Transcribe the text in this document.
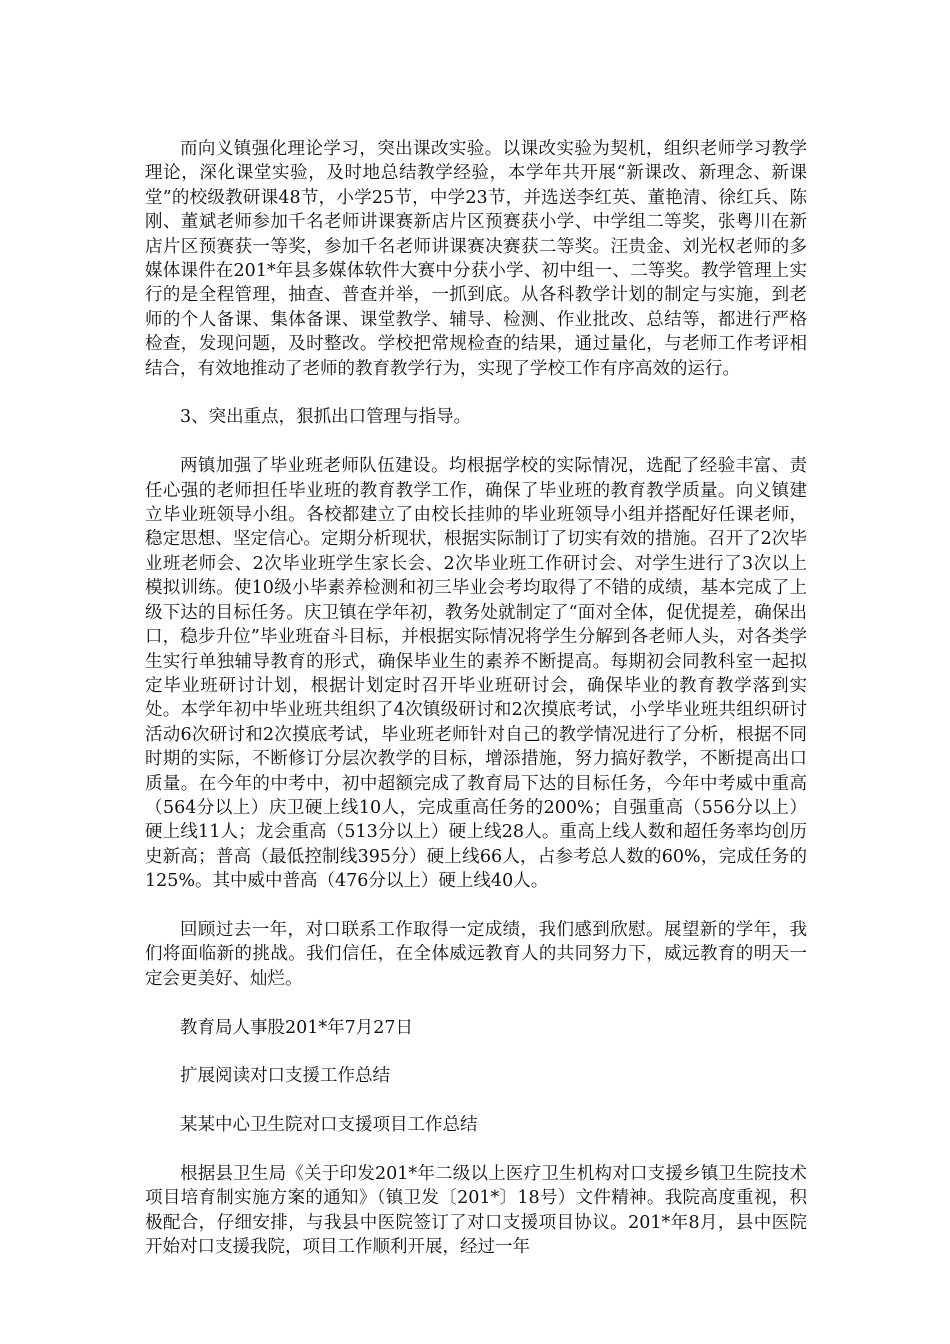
而向义镇强化理论学习，突出课改实验。以课改实验为契机，组织老师学习教学理论，深化课堂实验，及时地总结教学经验，本学年共开展“新课改、新理念、新课堂”的校级教研课48节，小学25节，中学23节，并选送李红英、董艳清、徐红兵、陈刚、董斌老师参加千名老师讲课赛新店片区预赛获小学、中学组二等奖，张粤川在新店片区预赛获一等奖，参加千名老师讲课赛决赛获二等奖。汪贵金、刘光权老师的多媒体课件在201*年县多媒体软件大赛中分获小学、初中组一、二等奖。教学管理上实行的是全程管理，抽查、普查并举，一抓到底。从各科教学计划的制定与实施，到老师的个人备课、集体备课、课堂教学、辅导、检测、作业批改、总结等，都进行严格检查，发现问题，及时整改。学校把常规检查的结果，通过量化，与老师工作考评相结合，有效地推动了老师的教育教学行为，实现了学校工作有序高效的运行。

3、突出重点，狠抓出口管理与指导。

两镇加强了毕业班老师队伍建设。均根据学校的实际情况，选配了经验丰富、责任心强的老师担任毕业班的教育教学工作，确保了毕业班的教育教学质量。向义镇建立毕业班领导小组。各校都建立了由校长挂帅的毕业班领导小组并搭配好任课老师，稳定思想、坚定信心。定期分析现状，根据实际制订了切实有效的措施。召开了2次毕业班老师会、2次毕业班学生家长会、2次毕业班工作研讨会、对学生进行了3次以上模拟训练。使10级小毕素养检测和初三毕业会考均取得了不错的成绩，基本完成了上级下达的目标任务。庆卫镇在学年初，教务处就制定了“面对全体，促优提差，确保出口，稳步升位”毕业班奋斗目标，并根据实际情况将学生分解到各老师人头，对各类学生实行单独辅导教育的形式，确保毕业生的素养不断提高。每期初会同教科室一起拟定毕业班研讨计划，根据计划定时召开毕业班研讨会，确保毕业的教育教学落到实处。本学年初中毕业班共组织了4次镇级研讨和2次摸底考试，小学毕业班共组织研讨活动6次研讨和2次摸底考试，毕业班老师针对自己的教学情况进行了分析，根据不同时期的实际，不断修订分层次教学的目标，增添措施，努力搞好教学，不断提高出口质量。在今年的中考中，初中超额完成了教育局下达的目标任务，今年中考威中重高（564分以上）庆卫硬上线10人，完成重高任务的200%；自强重高（556分以上）硬上线11人；龙会重高（513分以上）硬上线28人。重高上线人数和超任务率均创历史新高；普高（最低控制线395分）硬上线66人，占参考总人数的60%，完成任务的125%。其中威中普高（476分以上）硬上线40人。

回顾过去一年，对口联系工作取得一定成绩，我们感到欣慰。展望新的学年，我们将面临新的挑战。我们信任，在全体威远教育人的共同努力下，威远教育的明天一定会更美好、灿烂。

教育局人事股201*年7月27日

扩展阅读对口支援工作总结

某某中心卫生院对口支援项目工作总结

根据县卫生局《关于印发201*年二级以上医疗卫生机构对口支援乡镇卫生院技术项目培育制实施方案的通知》（镇卫发〔201*〕18号）文件精神。我院高度重视，积极配合，仔细安排，与我县中医院签订了对口支援项目协议。201*年8月，县中医院开始对口支援我院，项目工作顺利开展，经过一年
